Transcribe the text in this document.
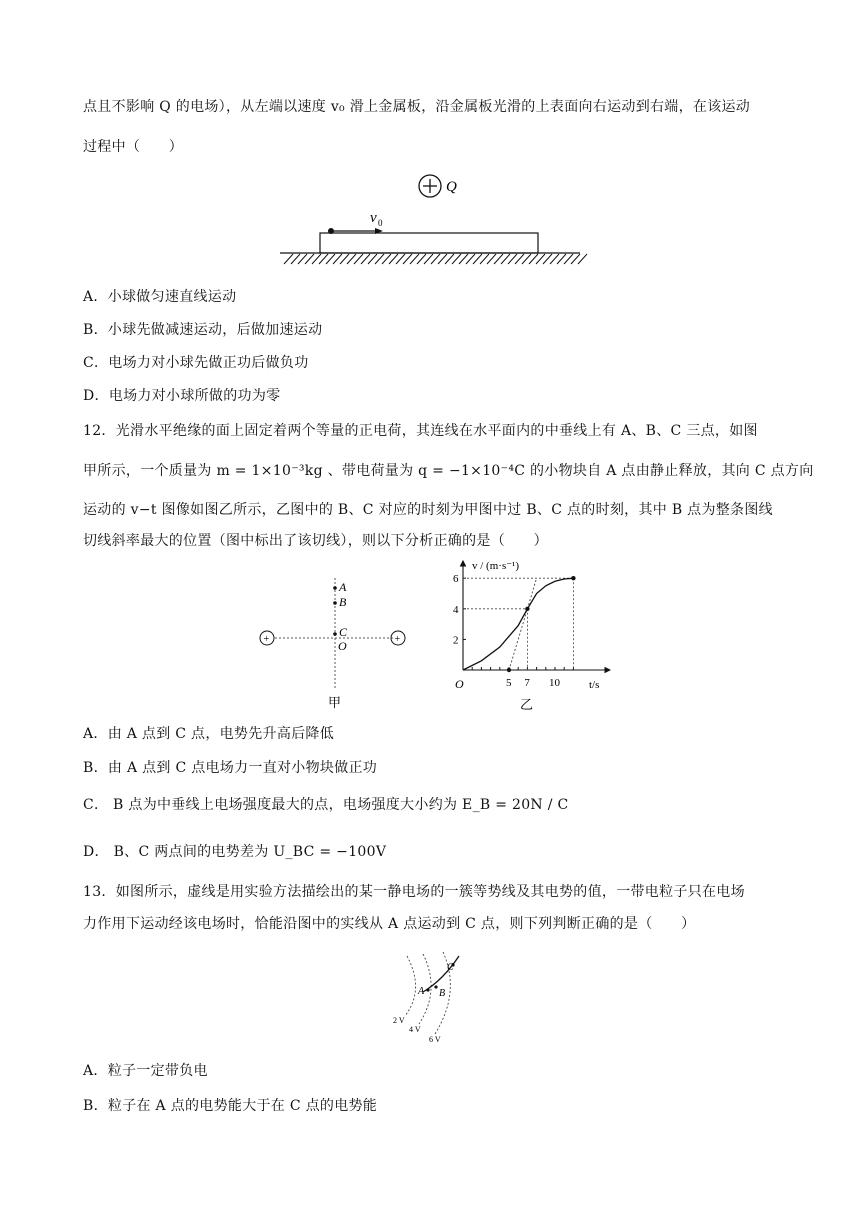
点且不影响 Q 的电场），从左端以速度 v₀ 滑上金属板，沿金属板光滑的上表面向右运动到右端，在该运动
过程中（　　）
Q
v 0
A．小球做匀速直线运动
B．小球先做减速运动，后做加速运动
C．电场力对小球先做正功后做负功
D．电场力对小球所做的功为零
12．光滑水平绝缘的面上固定着两个等量的正电荷，其连线在水平面内的中垂线上有 A、B、C 三点，如图
甲所示，一个质量为 m = 1×10⁻³kg 、带电荷量为 q = −1×10⁻⁴C 的小物块自 A 点由静止释放，其向 C 点方向
运动的 v−t 图像如图乙所示，乙图中的 B、C 对应的时刻为甲图中过 B、C 点的时刻，其中 B 点为整条图线
切线斜率最大的位置（图中标出了该切线），则以下分析正确的是（　　）
+	+
A
B
C
O
甲
v / (m·s⁻¹)
t/s
O
2
4
6
5 7 10
乙
A．由 A 点到 C 点，电势先升高后降低
B．由 A 点到 C 点电场力一直对小物块做正功
C． B 点为中垂线上电场强度最大的点，电场强度大小约为 E_B = 20N / C
D． B、C 两点间的电势差为 U_BC = −100V
13．如图所示，虚线是用实验方法描绘出的某一静电场的一簇等势线及其电势的值，一带电粒子只在电场
力作用下运动经该电场时，恰能沿图中的实线从 A 点运动到 C 点，则下列判断正确的是（　　）
A B
C
2 V
4 V
6 V
A．粒子一定带负电
B．粒子在 A 点的电势能大于在 C 点的电势能
